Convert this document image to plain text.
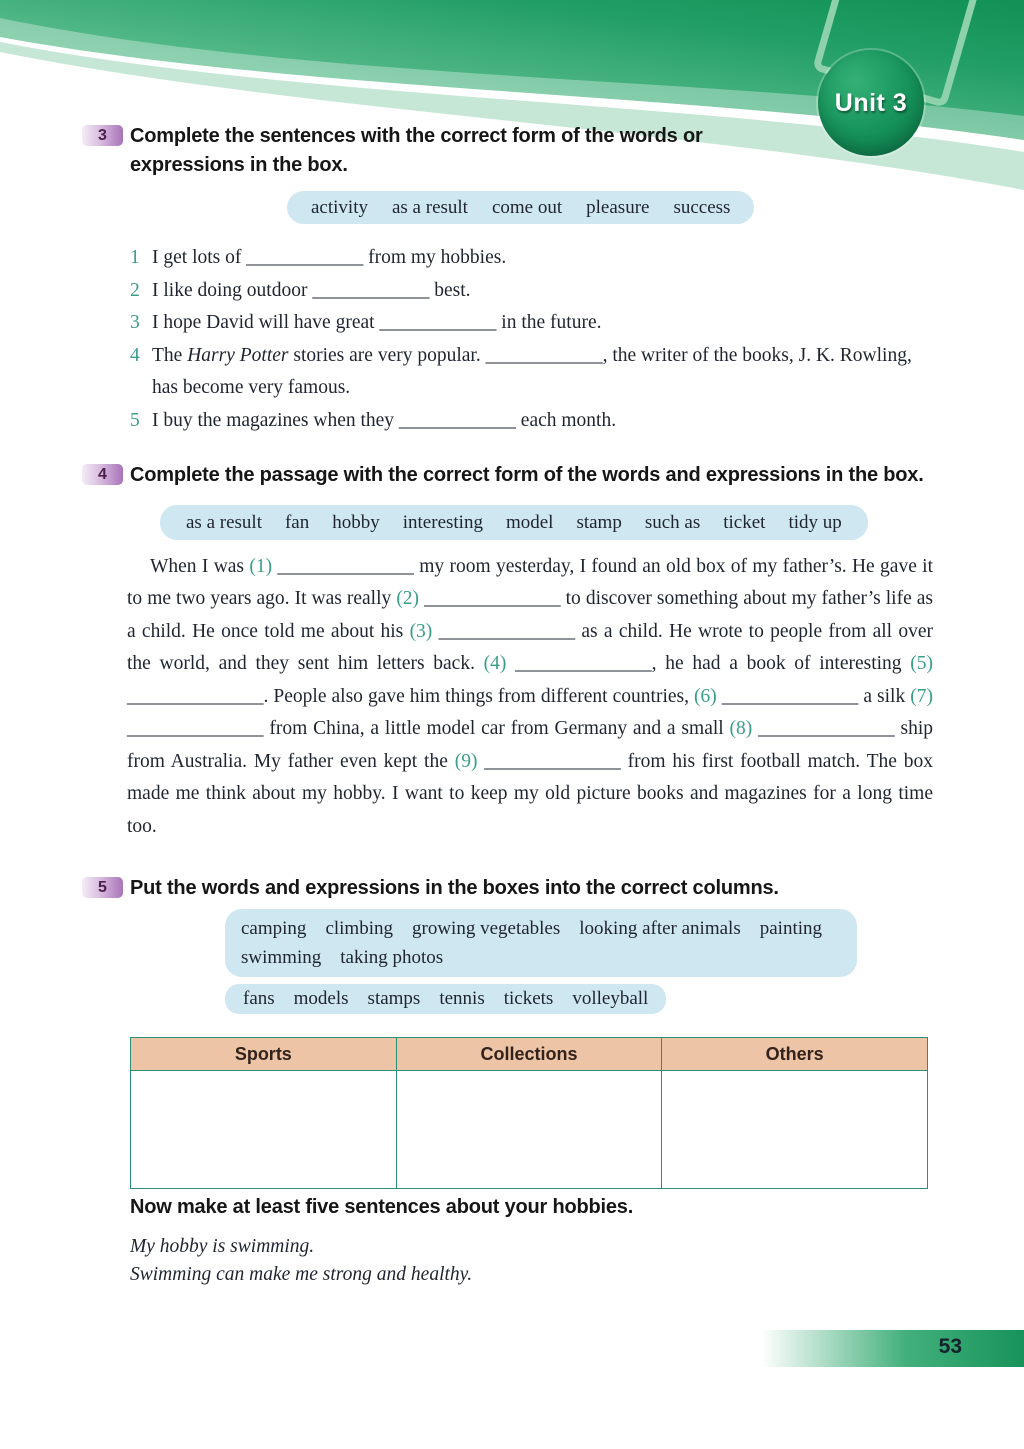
Unit 3
3	Complete the sentences with the correct form of the words or expressions in the box.
activity as a result come out pleasure success
1 I get lots of ____________ from my hobbies.
2 I like doing outdoor ____________ best.
3 I hope David will have great ____________ in the future.
4 The Harry Potter stories are very popular. ____________, the writer of the books, J. K. Rowling, has become very famous.
5 I buy the magazines when they ____________ each month.
4	Complete the passage with the correct form of the words and expressions in the box.
as a result fan hobby interesting model stamp such as ticket tidy up
When I was (1) ______________ my room yesterday, I found an old box of my father’s. He gave it to me two years ago. It was really (2) ______________ to discover something about my father’s life as a child. He once told me about his (3) ______________ as a child. He wrote to people from all over the world, and they sent him letters back. (4) ______________, he had a book of interesting (5) ______________. People also gave him things from different countries, (6) ______________ a silk (7) ______________ from China, a little model car from Germany and a small (8) ______________ ship from Australia. My father even kept the (9) ______________ from his first football match. The box made me think about my hobby. I want to keep my old picture books and magazines for a long time too.
5	Put the words and expressions in the boxes into the correct columns.
camping climbing growing vegetables looking after animals painting
swimming taking photos
fans models stamps tennis tickets volleyball
Sports	Collections	Others

Now make at least five sentences about your hobbies.
My hobby is swimming.
Swimming can make me strong and healthy.
53
